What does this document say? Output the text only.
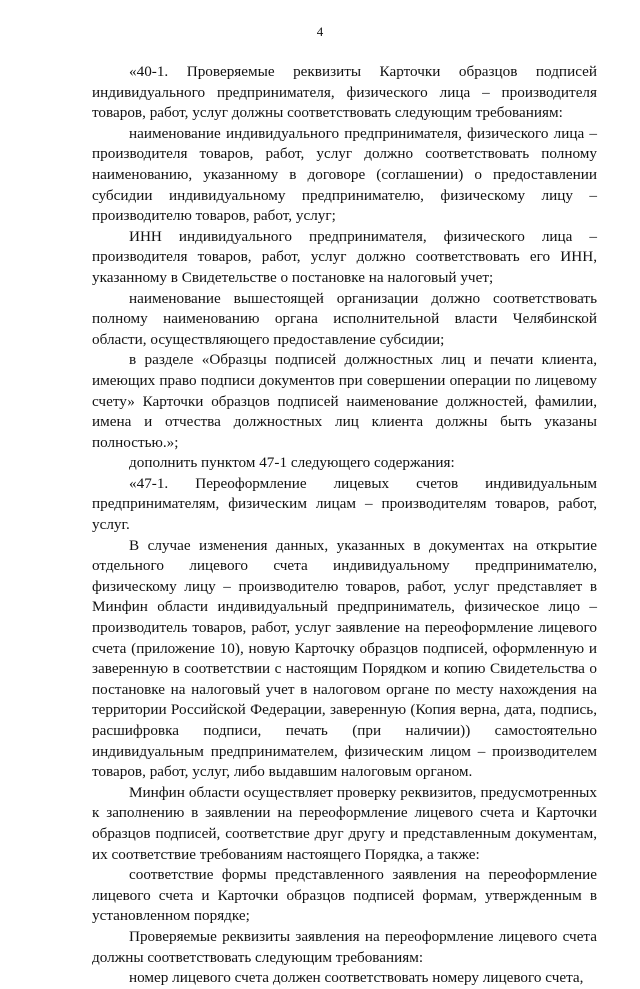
4

«40-1. Проверяемые реквизиты Карточки образцов подписей индивидуального предпринимателя, физического лица – производителя товаров, работ, услуг должны соответствовать следующим требованиям:

наименование индивидуального предпринимателя, физического лица – производителя товаров, работ, услуг должно соответствовать полному наименованию, указанному в договоре (соглашении) о предоставлении субсидии индивидуальному предпринимателю, физическому лицу – производителю товаров, работ, услуг;

ИНН индивидуального предпринимателя, физического лица – производителя товаров, работ, услуг должно соответствовать его ИНН, указанному в Свидетельстве о постановке на налоговый учет;

наименование вышестоящей организации должно соответствовать полному наименованию органа исполнительной власти Челябинской области, осуществляющего предоставление субсидии;

в разделе «Образцы подписей должностных лиц и печати клиента, имеющих право подписи документов при совершении операции по лицевому счету» Карточки образцов подписей наименование должностей, фамилии, имена и отчества должностных лиц клиента должны быть указаны полностью.»;

дополнить пунктом 47-1 следующего содержания:

«47-1. Переоформление лицевых счетов индивидуальным предпринимателям, физическим лицам – производителям товаров, работ, услуг.

В случае изменения данных, указанных в документах на открытие отдельного лицевого счета индивидуальному предпринимателю, физическому лицу – производителю товаров, работ, услуг представляет в Минфин области индивидуальный предприниматель, физическое лицо – производитель товаров, работ, услуг заявление на переоформление лицевого счета (приложение 10), новую Карточку образцов подписей, оформленную и заверенную в соответствии с настоящим Порядком и копию Свидетельства о постановке на налоговый учет в налоговом органе по месту нахождения на территории Российской Федерации, заверенную (Копия верна, дата, подпись, расшифровка подписи, печать (при наличии)) самостоятельно индивидуальным предпринимателем, физическим лицом – производителем товаров, работ, услуг, либо выдавшим налоговым органом.

Минфин области осуществляет проверку реквизитов, предусмотренных к заполнению в заявлении на переоформление лицевого счета и Карточки образцов подписей, соответствие друг другу и представленным документам, их соответствие требованиям настоящего Порядка, а также:

соответствие формы представленного заявления на переоформление лицевого счета и Карточки образцов подписей формам, утвержденным в установленном порядке;

Проверяемые реквизиты заявления на переоформление лицевого счета должны соответствовать следующим требованиям:

номер лицевого счета должен соответствовать номеру лицевого счета,
